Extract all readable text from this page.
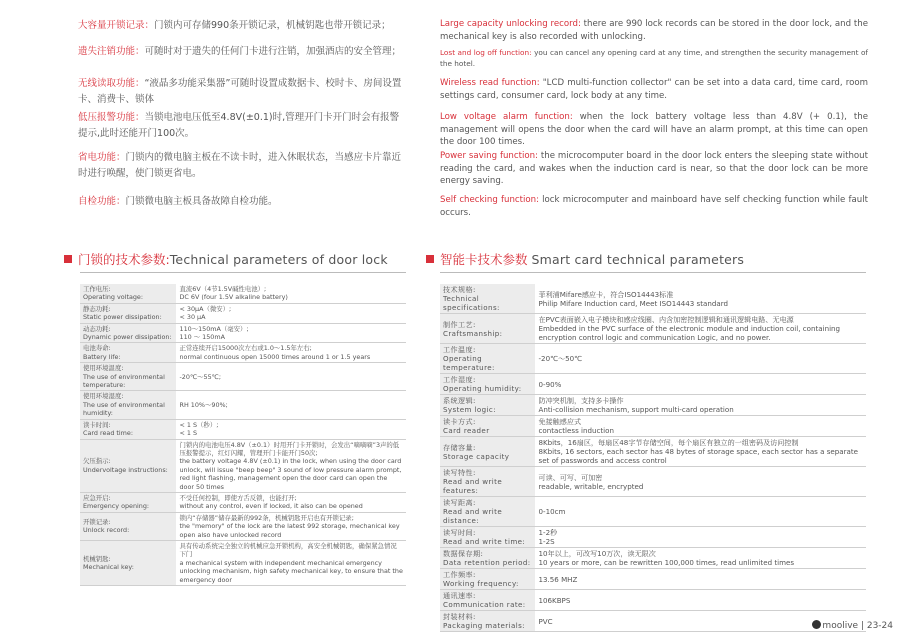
大容量开锁记录：门锁内可存储990条开锁记录，机械钥匙也带开锁记录；
遗失注销功能：可随时对于遗失的任何门卡进行注销，加强酒店的安全管理；
无线读取功能：“液晶多功能采集器”可随时设置成数据卡、校时卡、房间设置卡、消费卡、锁体
低压报警功能：当锁电池电压低至4.8V(±0.1)时,管理开门卡开门时会有报警提示,此时还能开门100次。
省电功能：门锁内的微电脑主板在不读卡时，进入休眠状态，当感应卡片靠近时进行唤醒，使门锁更省电。
自检功能：门锁微电脑主板具备故障自检功能。
Large capacity unlocking record: there are 990 lock records can be stored in the door lock, and the mechanical key is also recorded with unlocking.
Lost and log off function: you can cancel any opening card at any time, and strengthen the security management of the hotel.
Wireless read function: "LCD multi-function collector" can be set into a data card, time card, room settings card, consumer card, lock body at any time.
Low voltage alarm function: when the lock battery voltage less than 4.8V (+ 0.1), the management will opens the door when the card will have an alarm prompt, at this time can open the door 100 times.
Power saving function: the microcomputer board in the door lock enters the sleeping state without reading the card, and wakes when the induction card is near, so that the door lock can be more energy saving.
Self checking function: lock microcomputer and mainboard have self checking function while fault occurs.
门锁的技术参数:Technical parameters of door lock	智能卡技术参数 Smart card technical parameters
工作电压:
Operating voltage:	直流6V（4节1.5V碱性电池）;
DC 6V (four 1.5V alkaline battery)

静态功耗:
Static power dissipation:	< 30μA（微安）;
< 30 μA

动态功耗:
Dynamic power dissipation:	110～150mA（毫安）;
110 ～ 150mA

电池寿命:
Battery life:	正常连续开启15000次左右或1.0～1.5年左右;
normal continuous open 15000 times around 1 or 1.5 years

使用环境温度:
The use of environmental temperature:	-20℃～55℃;

使用环境湿度:
The use of environmental humidity:	RH 10%～90%;

读卡时间:
Card read time:	< 1 S（秒）;
< 1 S

欠压指示:
Undervoltage instructions:	门锁内的电池电压4.8V（±0.1）时用开门卡开锁时，会发出“嘀嘀嘀”3声的低压报警提示，红灯闪耀，管理开门卡能开门50次;
the battery voltage 4.8V (±0.1) in the lock, when using the door card unlock, will issue "beep beep" 3 sound of low pressure alarm prompt, red light flashing, management open the door card can open the door 50 times

应急开启:
Emergency opening:	不受任何控制，即使方舌反锁，也能打开;
without any control, even if locked, it also can be opened

开锁记录:
Unlock record:	锁内“存储器”储存最新的992条，机械钥匙开启也有开锁记录;
the "memory" of the lock are the latest 992 storage, mechanical key open also have unlocked record

机械钥匙:
Mechanical key:	具有传动系统完全独立的机械应急开锁机构，高安全机械钥匙，确保紧急情况下门
a mechanical system with independent mechanical emergency unlocking mechanism, high safety mechanical key, to ensure that the emergency door
技术规格:
Technical specifications:	菲利浦Mifare感应卡，符合ISO14443标准
Philip Mifare Induction card, Meet ISO14443 standard

制作工艺:
Craftsmanship:	在PVC表面嵌入电子模块和感应线圈、内含加密控制逻辑和通讯逻辑电路、无电源
Embedded in the PVC surface of the electronic module and induction coil, containing encryption control logic and communication Logic, and no power.

工作温度:
Operating temperature:	-20℃～50℃

工作湿度:
Operating humidity:	0-90%

系统逻辑:
System logic:	防冲突机制，支持多卡操作
Anti-collision mechanism, support multi-card operation

读卡方式:
Card reader	免接触感应式
contactless induction

存储容量:
Storage capacity	8Kbits，16扇区，每扇区48字节存储空间，每个扇区有独立的一组密码及访问控制
8Kbits, 16 sectors, each sector has 48 bytes of storage space, each sector has a separate set of passwords and access control

读写特性:
Read and write features:	可读、可写、可加密
readable, writable, encrypted

读写距离:
Read and write distance:	0-10cm

读写时间:
Read and write time:	1-2秒
1-2S

数据保存期:
Data retention period:	10年以上，可改写10万次，读无限次
10 years or more, can be rewritten 100,000 times, read unlimited times

工作频率:
Working frequency:	13.56 MHZ

通讯速率:
Communication rate:	106KBPS

封装材料:
Packaging materials:	PVC	moolive | 23-24
